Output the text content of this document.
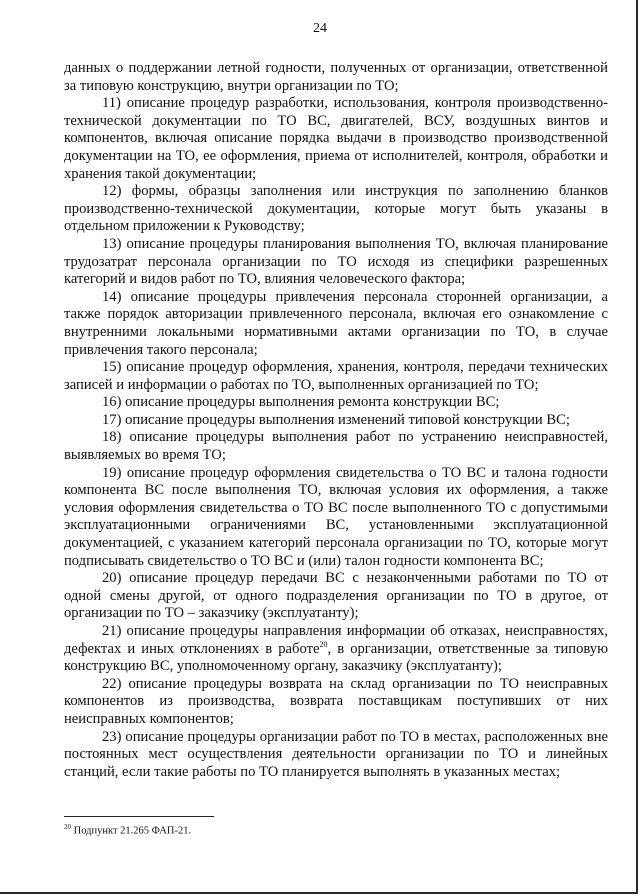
24

данных о поддержании летной годности, полученных от организации, ответственной за типовую конструкцию, внутри организации по ТО;

11) описание процедур разработки, использования, контроля производственно-технической документации по ТО ВС, двигателей, ВСУ, воздушных винтов и компонентов, включая описание порядка выдачи в производство производственной документации на ТО, ее оформления, приема от исполнителей, контроля, обработки и хранения такой документации;

12) формы, образцы заполнения или инструкция по заполнению бланков производственно-технической документации, которые могут быть указаны в отдельном приложении к Руководству;

13) описание процедуры планирования выполнения ТО, включая планирование трудозатрат персонала организации по ТО исходя из специфики разрешенных категорий и видов работ по ТО, влияния человеческого фактора;

14) описание процедуры привлечения персонала сторонней организации, а также порядок авторизации привлеченного персонала, включая его ознакомление с внутренними локальными нормативными актами организации по ТО, в случае привлечения такого персонала;

15) описание процедур оформления, хранения, контроля, передачи технических записей и информации о работах по ТО, выполненных организацией по ТО;

16) описание процедуры выполнения ремонта конструкции ВС;

17) описание процедуры выполнения изменений типовой конструкции ВС;

18) описание процедуры выполнения работ по устранению неисправностей, выявляемых во время ТО;

19) описание процедур оформления свидетельства о ТО ВС и талона годности компонента ВС после выполнения ТО, включая условия их оформления, а также условия оформления свидетельства о ТО ВС после выполненного ТО с допустимыми эксплуатационными ограничениями ВС, установленными эксплуатационной документацией, с указанием категорий персонала организации по ТО, которые могут подписывать свидетельство о ТО ВС и (или) талон годности компонента ВС;

20) описание процедур передачи ВС с незаконченными работами по ТО от одной смены другой, от одного подразделения организации по ТО в другое, от организации по ТО – заказчику (эксплуатанту);

21) описание процедуры направления информации об отказах, неисправностях, дефектах и иных отклонениях в работе$^{20}$, в организации, ответственные за типовую конструкцию ВС, уполномоченному органу, заказчику (эксплуатанту);

22) описание процедуры возврата на склад организации по ТО неисправных компонентов из производства, возврата поставщикам поступивших от них неисправных компонентов;

23) описание процедуры организации работ по ТО в местах, расположенных вне постоянных мест осуществления деятельности организации по ТО и линейных станций, если такие работы по ТО планируется выполнять в указанных местах;

$^{20}$ Подпункт 21.265 ФАП-21.
